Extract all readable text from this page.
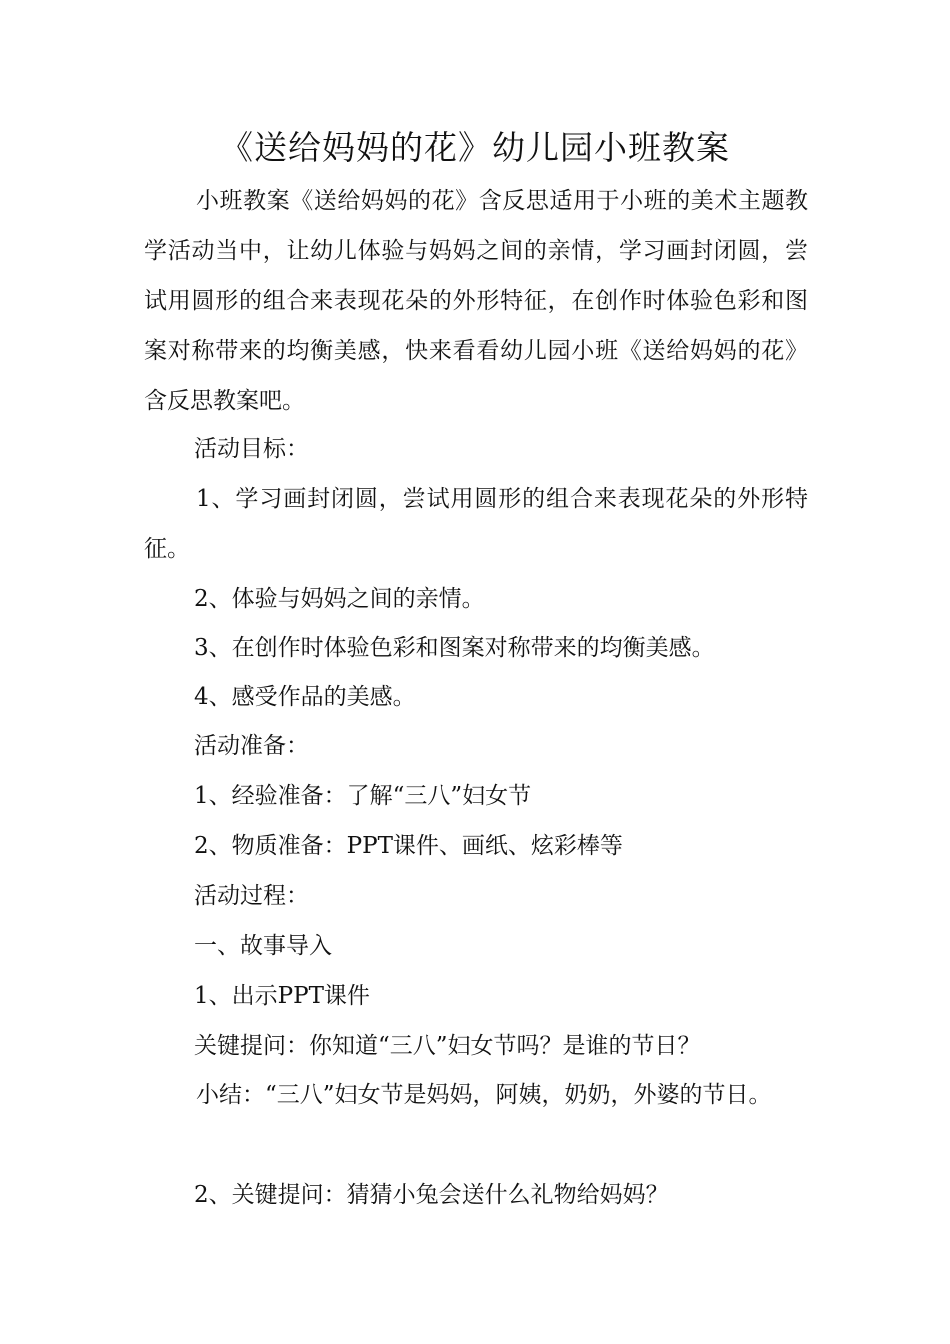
《送给妈妈的花》幼儿园小班教案
小班教案《送给妈妈的花》含反思适用于小班的美术主题教学活动当中，让幼儿体验与妈妈之间的亲情，学习画封闭圆，尝试用圆形的组合来表现花朵的外形特征，在创作时体验色彩和图案对称带来的均衡美感，快来看看幼儿园小班《送给妈妈的花》含反思教案吧。
活动目标：
1、学习画封闭圆，尝试用圆形的组合来表现花朵的外形特征。
2、体验与妈妈之间的亲情。
3、在创作时体验色彩和图案对称带来的均衡美感。
4、感受作品的美感。
活动准备：
1、经验准备：了解“三八”妇女节
2、物质准备：PPT课件、画纸、炫彩棒等
活动过程：
一、故事导入
1、出示PPT课件
关键提问：你知道“三八”妇女节吗？是谁的节日？
小结：“三八”妇女节是妈妈，阿姨，奶奶，外婆的节日。
2、关键提问：猜猜小兔会送什么礼物给妈妈？
